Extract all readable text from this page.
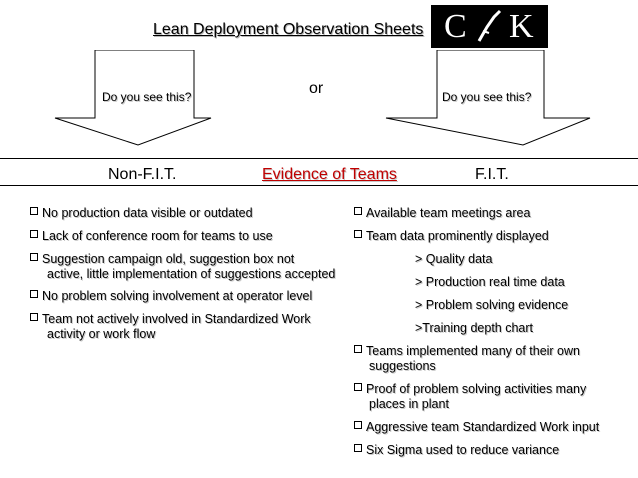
Lean Deployment Observation Sheets C K
Do you see this?	Do you see this?
or
Non-F.I.T.	Evidence of Teams	F.I.T.
No production data visible or outdated
Lack of conference room for teams to use
Suggestion campaign old, suggestion box not
active, little implementation of suggestions accepted
No problem solving involvement at operator level
Team not actively involved in Standardized Work
activity or work flow
Available team meetings area
Team data prominently displayed
> Quality data
> Production real time data
> Problem solving evidence
>Training depth chart
Teams implemented many of their own
suggestions
Proof of problem solving activities many
places in plant
Aggressive team Standardized Work input
Six Sigma used to reduce variance
